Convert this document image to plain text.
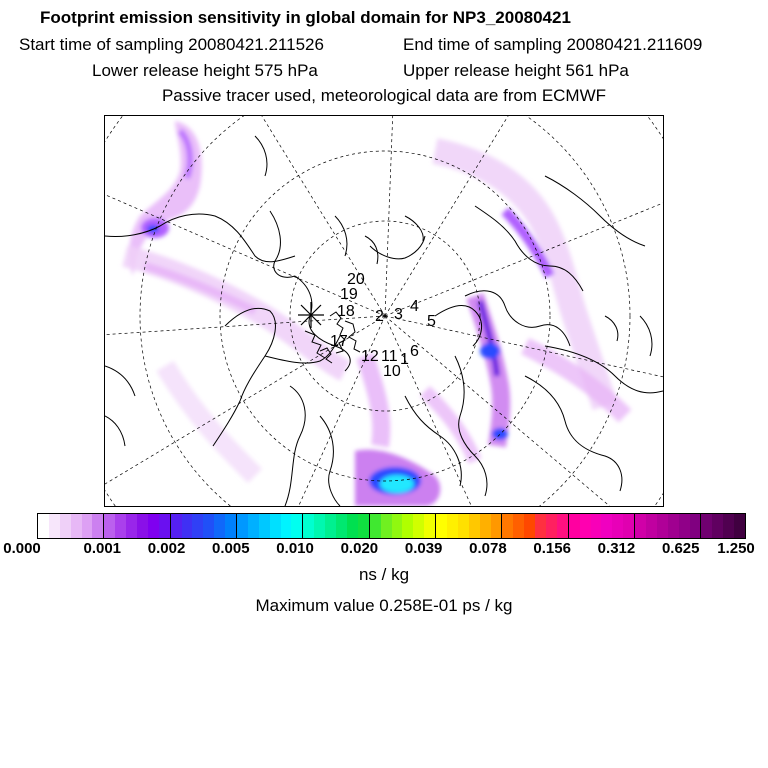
Footprint emission sensitivity in global domain for NP3_20080421
Start time of sampling 20080421.211526	End time of sampling 20080421.211609
Lower release height 575 hPa	Upper release height 561 hPa
Passive tracer used, meteorological data are from ECMWF
20
19
18 2 3 4
5
6
12 11 1
10
17
0.000	0.001 0.002 0.005 0.010 0.020 0.039 0.078 0.156 0.312 0.625 1.250
ns / kg
Maximum value 0.258E-01 ps / kg
